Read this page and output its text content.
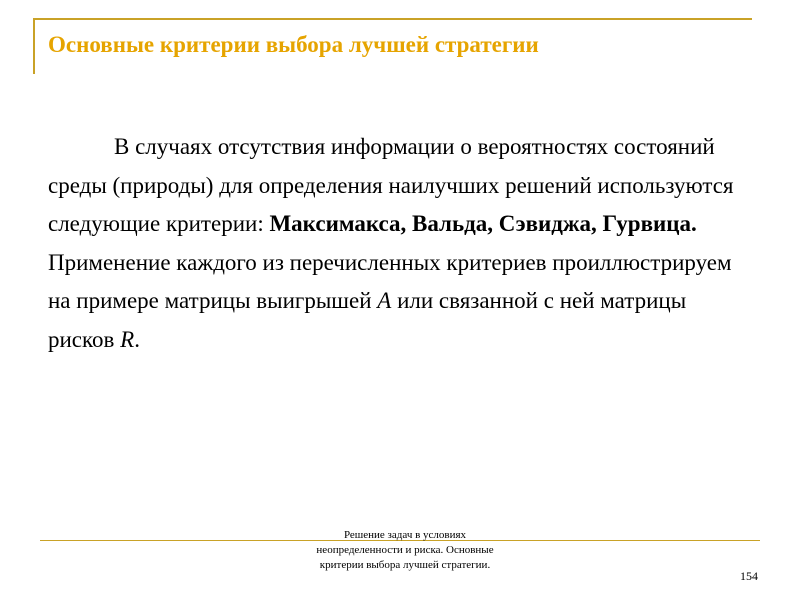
Основные критерии выбора лучшей стратегии
В случаях отсутствия информации о вероятностях состояний среды (природы) для определения наилучших решений используются следующие критерии: Максимакса, Вальда, Сэвиджа, Гурвица. Применение каждого из перечисленных критериев проиллюстрируем на примере матрицы выигрышей A или связанной с ней матрицы рисков R.
Решение задач в условиях
неопределенности и риска. Основные
критерии выбора лучшей стратегии.
154
